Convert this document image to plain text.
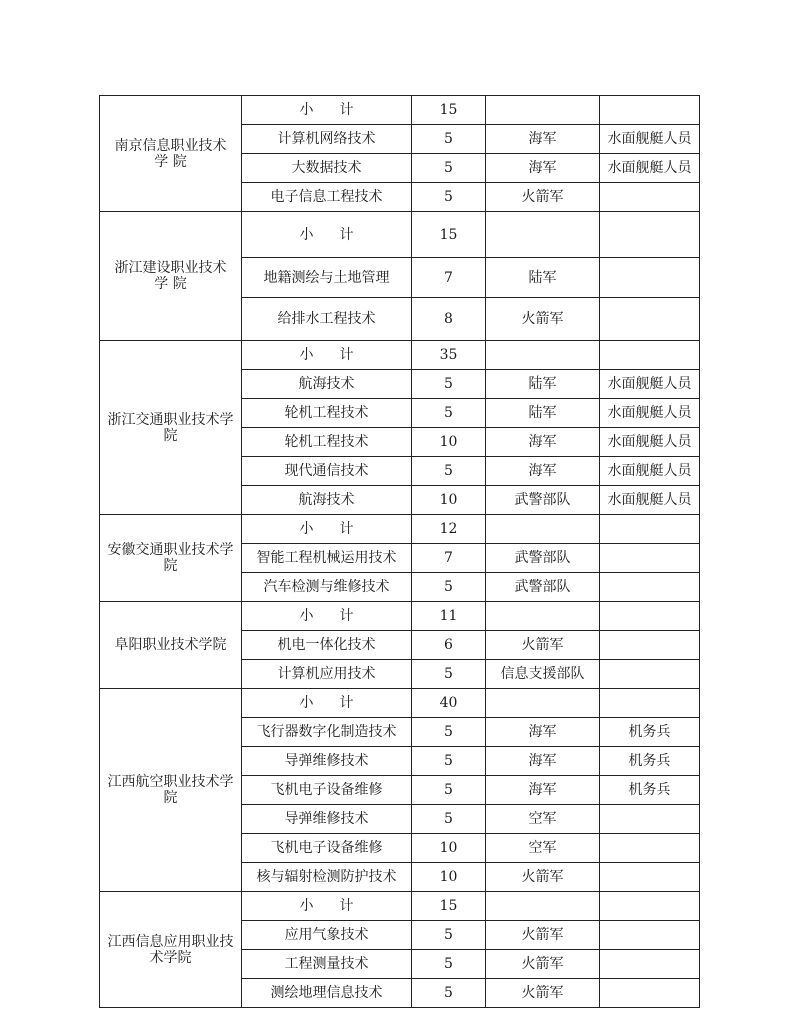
南京信息职业技术
学 院	小 计	15		
	计算机网络技术	5	海军	水面舰艇人员
	大数据技术	5	海军	水面舰艇人员
	电子信息工程技术	5	火箭军	

浙江建设职业技术
学 院	小 计	15		
	地籍测绘与土地管理	7	陆军	
	给排水工程技术	8	火箭军	

浙江交通职业技术学
院	小 计	35		
	航海技术	5	陆军	水面舰艇人员
	轮机工程技术	5	陆军	水面舰艇人员
	轮机工程技术	10	海军	水面舰艇人员
	现代通信技术	5	海军	水面舰艇人员
	航海技术	10	武警部队	水面舰艇人员

安徽交通职业技术学
院	小 计	12		
	智能工程机械运用技术	7	武警部队	
	汽车检测与维修技术	5	武警部队	

阜阳职业技术学院	小 计	11		
	机电一体化技术	6	火箭军	
	计算机应用技术	5	信息支援部队	

江西航空职业技术学
院	小 计	40		
	飞行器数字化制造技术	5	海军	机务兵
	导弹维修技术	5	海军	机务兵
	飞机电子设备维修	5	海军	机务兵
	导弹维修技术	5	空军	
	飞机电子设备维修	10	空军	
	核与辐射检测防护技术	10	火箭军	

江西信息应用职业技
术学院	小 计	15		
	应用气象技术	5	火箭军	
	工程测量技术	5	火箭军	
	测绘地理信息技术	5	火箭军	
